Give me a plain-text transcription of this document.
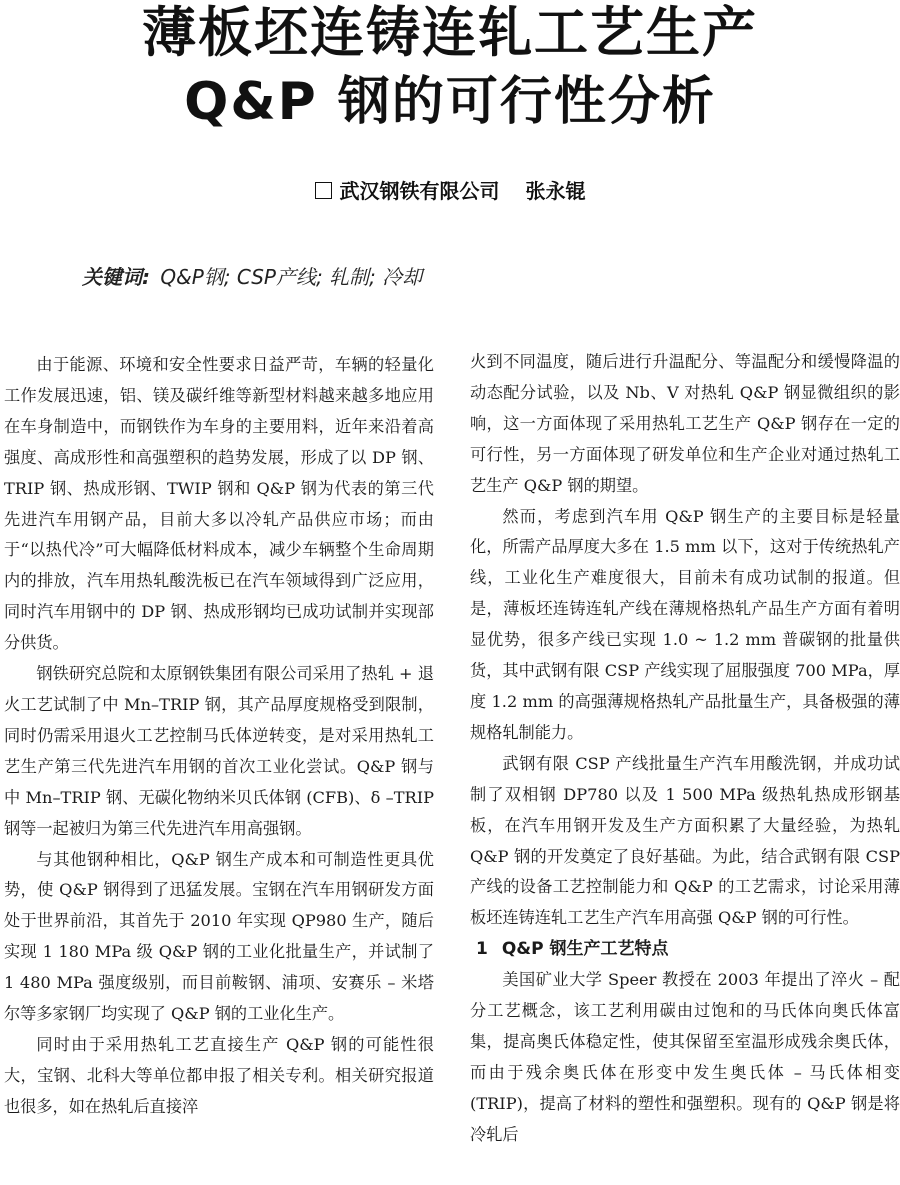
薄板坯连铸连轧工艺生产
Q&P 钢的可行性分析
武汉钢铁有限公司 张永锟
关键词: Q&P钢; CSP产线; 轧制; 冷却

由于能源、环境和安全性要求日益严苛，车辆的轻量化工作发展迅速，铝、镁及碳纤维等新型材料越来越多地应用在车身制造中，而钢铁作为车身的主要用料，近年来沿着高强度、高成形性和高强塑积的趋势发展，形成了以 DP 钢、TRIP 钢、热成形钢、TWIP 钢和 Q&P 钢为代表的第三代先进汽车用钢产品，目前大多以冷轧产品供应市场；而由于“以热代冷”可大幅降低材料成本，减少车辆整个生命周期内的排放，汽车用热轧酸洗板已在汽车领域得到广泛应用，同时汽车用钢中的 DP 钢、热成形钢均已成功试制并实现部分供货。

钢铁研究总院和太原钢铁集团有限公司采用了热轧 + 退火工艺试制了中 Mn–TRIP 钢，其产品厚度规格受到限制，同时仍需采用退火工艺控制马氏体逆转变，是对采用热轧工艺生产第三代先进汽车用钢的首次工业化尝试。Q&P 钢与中 Mn–TRIP 钢、无碳化物纳米贝氏体钢 (CFB)、δ –TRIP 钢等一起被归为第三代先进汽车用高强钢。

与其他钢种相比，Q&P 钢生产成本和可制造性更具优势，使 Q&P 钢得到了迅猛发展。宝钢在汽车用钢研发方面处于世界前沿，其首先于 2010 年实现 QP980 生产，随后实现 1 180 MPa 级 Q&P 钢的工业化批量生产，并试制了 1 480 MPa 强度级别，而目前鞍钢、浦项、安赛乐 – 米塔尔等多家钢厂均实现了 Q&P 钢的工业化生产。

同时由于采用热轧工艺直接生产 Q&P 钢的可能性很大，宝钢、北科大等单位都申报了相关专利。相关研究报道也很多，如在热轧后直接淬

火到不同温度，随后进行升温配分、等温配分和缓慢降温的动态配分试验，以及 Nb、V 对热轧 Q&P 钢显微组织的影响，这一方面体现了采用热轧工艺生产 Q&P 钢存在一定的可行性，另一方面体现了研发单位和生产企业对通过热轧工艺生产 Q&P 钢的期望。

然而，考虑到汽车用 Q&P 钢生产的主要目标是轻量化，所需产品厚度大多在 1.5 mm 以下，这对于传统热轧产线，工业化生产难度很大，目前未有成功试制的报道。但是，薄板坯连铸连轧产线在薄规格热轧产品生产方面有着明显优势，很多产线已实现 1.0 ~ 1.2 mm 普碳钢的批量供货，其中武钢有限 CSP 产线实现了屈服强度 700 MPa，厚度 1.2 mm 的高强薄规格热轧产品批量生产，具备极强的薄规格轧制能力。

武钢有限 CSP 产线批量生产汽车用酸洗钢，并成功试制了双相钢 DP780 以及 1 500 MPa 级热轧热成形钢基板，在汽车用钢开发及生产方面积累了大量经验，为热轧 Q&P 钢的开发奠定了良好基础。为此，结合武钢有限 CSP 产线的设备工艺控制能力和 Q&P 的工艺需求，讨论采用薄板坯连铸连轧工艺生产汽车用高强 Q&P 钢的可行性。

1 Q&P 钢生产工艺特点

美国矿业大学 Speer 教授在 2003 年提出了淬火 – 配分工艺概念，该工艺利用碳由过饱和的马氏体向奥氏体富集，提高奥氏体稳定性，使其保留至室温形成残余奥氏体，而由于残余奥氏体在形变中发生奥氏体 – 马氏体相变 (TRIP)，提高了材料的塑性和强塑积。现有的 Q&P 钢是将冷轧后
